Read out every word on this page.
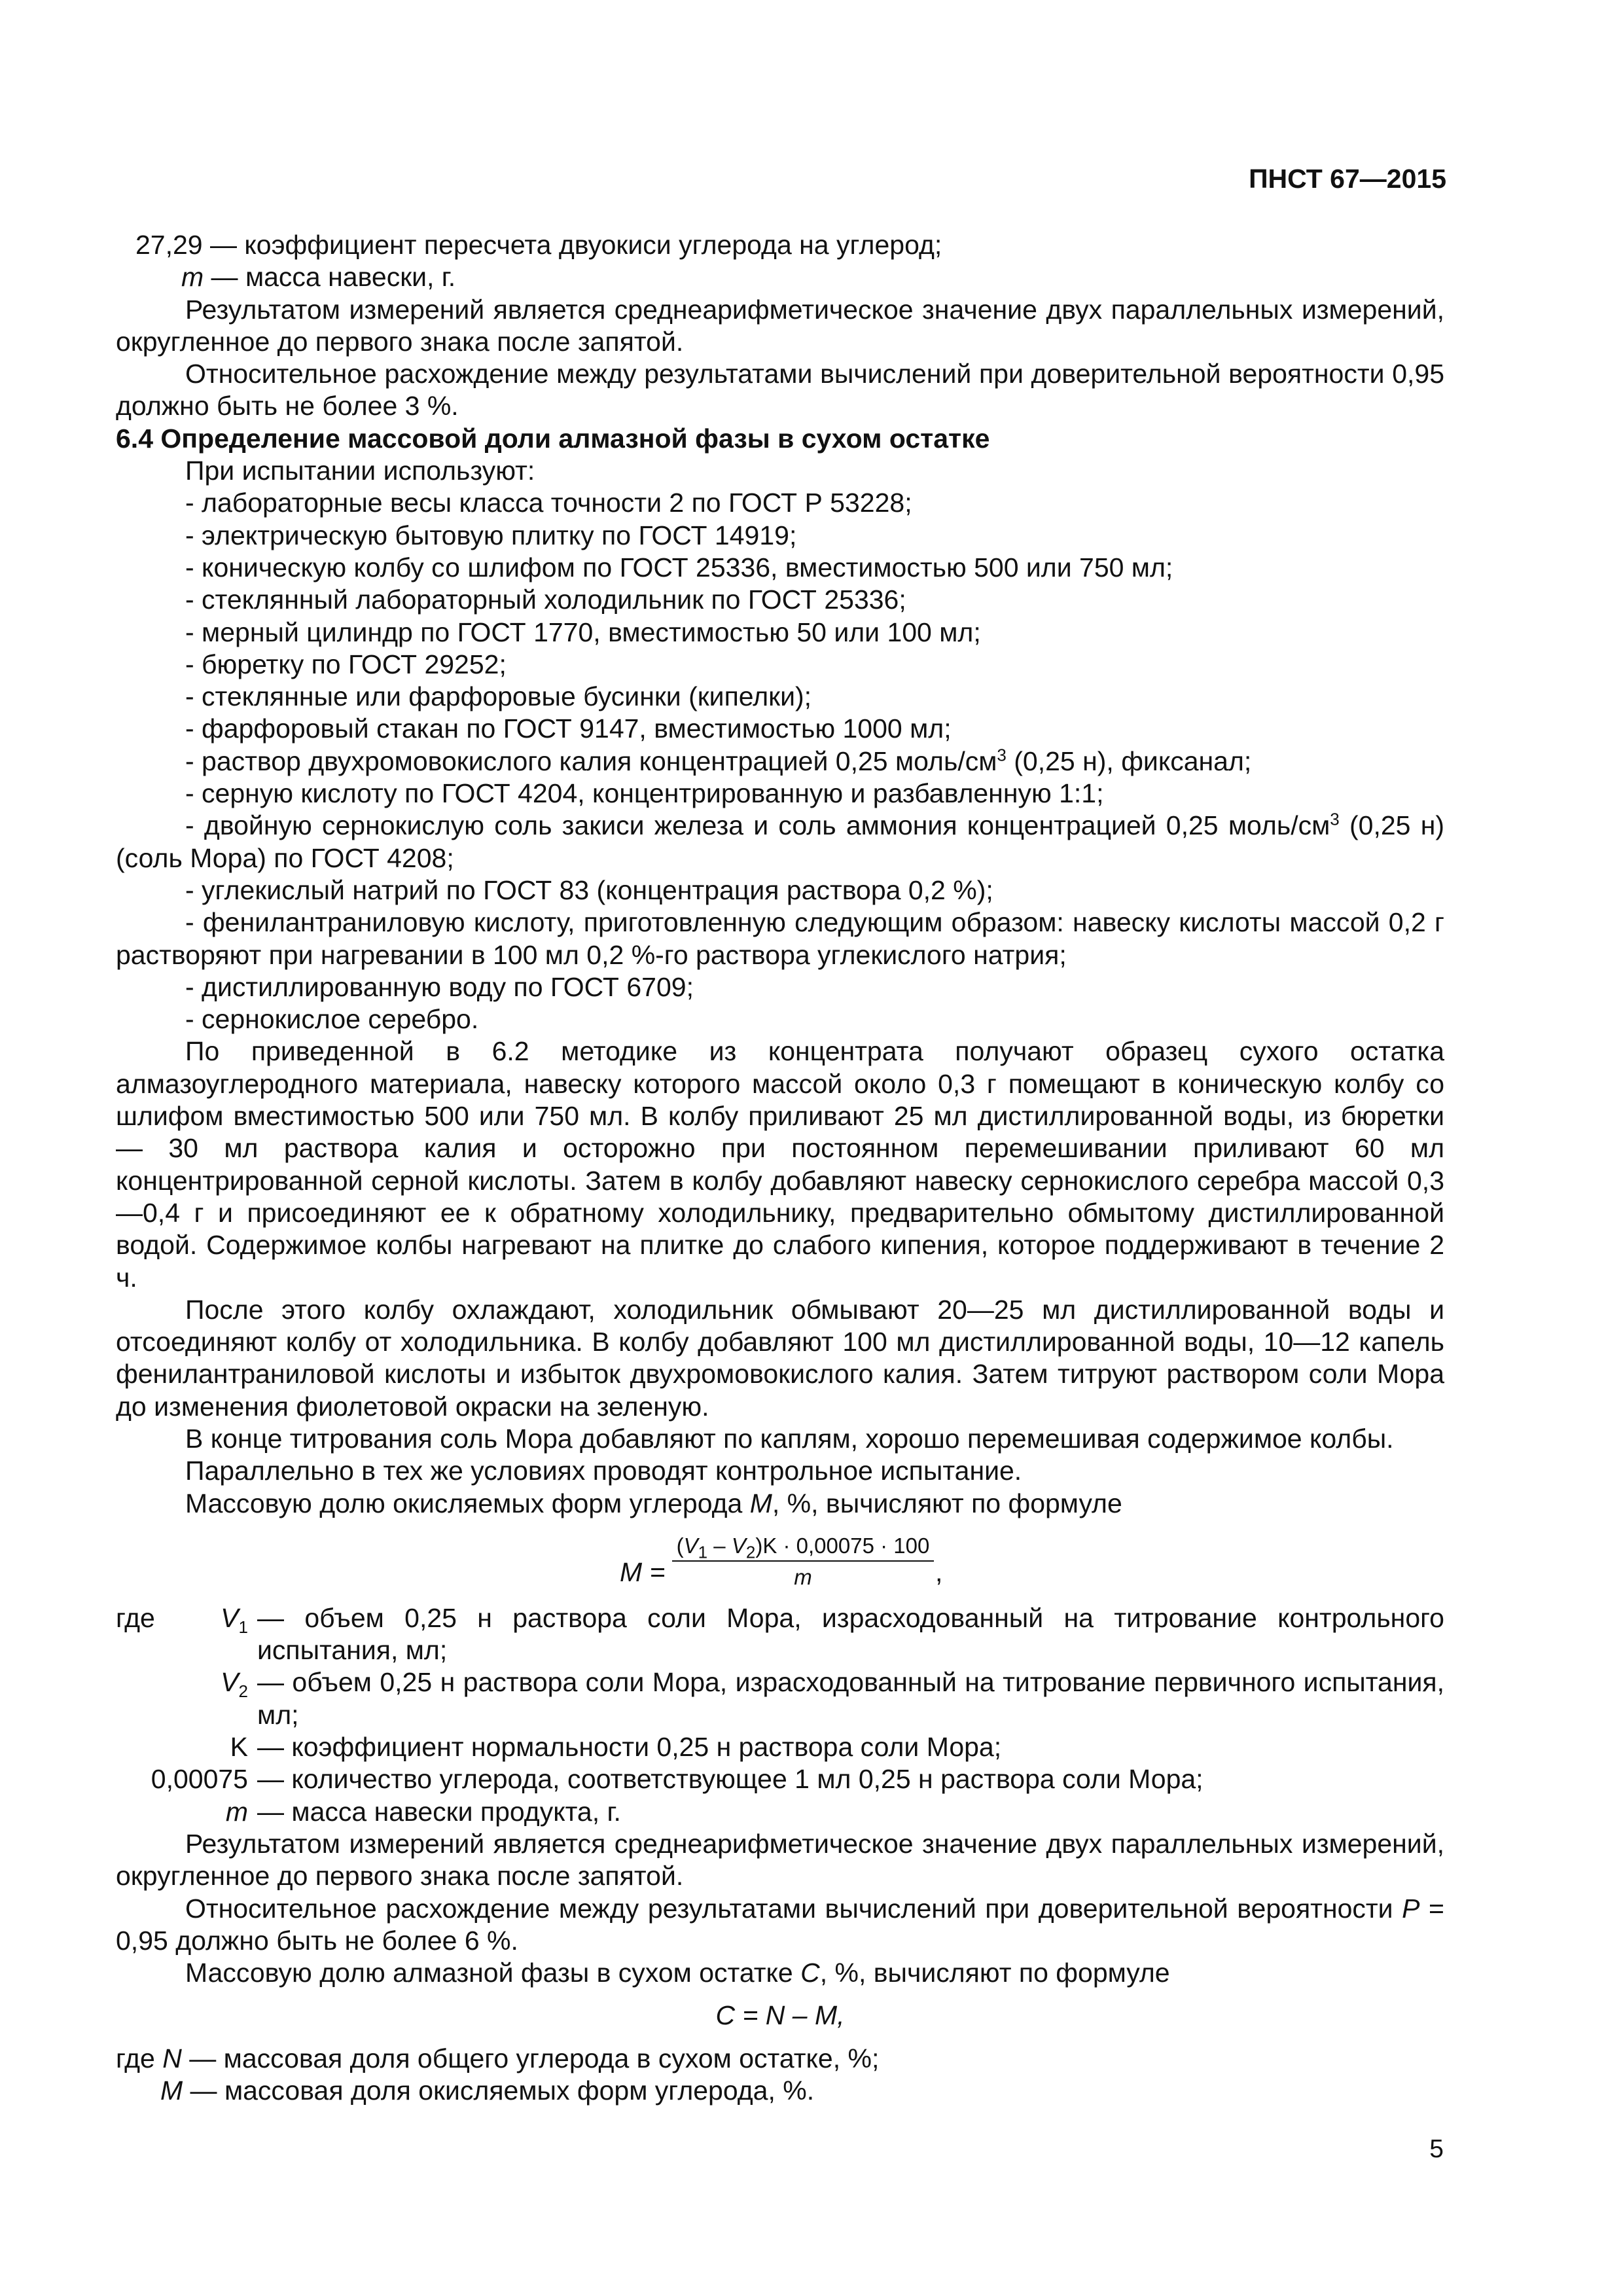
ПНСТ 67—2015

27,29 — коэффициент пересчета двуокиси углерода на углерод;

m — масса навески, г.

Результатом измерений является среднеарифметическое значение двух параллельных измерений, округленное до первого знака после запятой.

Относительное расхождение между результатами вычислений при доверительной вероятности 0,95 должно быть не более 3 %.

6.4 Определение массовой доли алмазной фазы в сухом остатке

При испытании используют:

- лабораторные весы класса точности 2 по ГОСТ Р 53228;

- электрическую бытовую плитку по ГОСТ 14919;

- коническую колбу со шлифом по ГОСТ 25336, вместимостью 500 или 750 мл;

- стеклянный лабораторный холодильник по ГОСТ 25336;

- мерный цилиндр по ГОСТ 1770, вместимостью 50 или 100 мл;

- бюретку по ГОСТ 29252;

- стеклянные или фарфоровые бусинки (кипелки);

- фарфоровый стакан по ГОСТ 9147, вместимостью 1000 мл;

- раствор двухромовокислого калия концентрацией 0,25 моль/$см^3$ (0,25 н), фиксанал;

- серную кислоту по ГОСТ 4204, концентрированную и разбавленную 1:1;

- двойную сернокислую соль закиси железа и соль аммония концентрацией 0,25 моль/$см^3$ (0,25 н) (соль Мора) по ГОСТ 4208;

- углекислый натрий по ГОСТ 83 (концентрация раствора 0,2 %);

- фенилантраниловую кислоту, приготовленную следующим образом: навеску кислоты массой 0,2 г растворяют при нагревании в 100 мл 0,2 %-го раствора углекислого натрия;

- дистиллированную воду по ГОСТ 6709;

- сернокислое серебро.

По приведенной в 6.2 методике из концентрата получают образец сухого остатка алмазоуглеродного материала, навеску которого массой около 0,3 г помещают в коническую колбу со шлифом вместимостью 500 или 750 мл. В колбу приливают 25 мл дистиллированной воды, из бюретки — 30 мл раствора калия и осторожно при постоянном перемешивании приливают 60 мл концентрированной серной кислоты. Затем в колбу добавляют навеску сернокислого серебра массой 0,3—0,4 г и присоединяют ее к обратному холодильнику, предварительно обмытому дистиллированной водой. Содержимое колбы нагревают на плитке до слабого кипения, которое поддерживают в течение 2 ч.

После этого колбу охлаждают, холодильник обмывают 20—25 мл дистиллированной воды и отсоединяют колбу от холодильника. В колбу добавляют 100 мл дистиллированной воды, 10—12 капель фенилантраниловой кислоты и избыток двухромовокислого калия. Затем титруют раствором соли Мора до изменения фиолетовой окраски на зеленую.

В конце титрования соль Мора добавляют по каплям, хорошо перемешивая содержимое колбы.

Параллельно в тех же условиях проводят контрольное испытание.

Массовую долю окисляемых форм углерода M, %, вычисляют по формуле

$M = \frac{(V_1 - V_2)K \cdot 0,00075 \cdot 100}{m}$ ,
где	$V_1$ — объем 0,25 н раствора соли Мора, израсходованный на титрование контрольного испытания, мл;
$V_2$ — объем 0,25 н раствора соли Мора, израсходованный на титрование первичного испытания, мл;
K — коэффициент нормальности 0,25 н раствора соли Мора;
0,00075 — количество углерода, соответствующее 1 мл 0,25 н раствора соли Мора;
m — масса навески продукта, г.

Результатом измерений является среднеарифметическое значение двух параллельных измерений, округленное до первого знака после запятой.

Относительное расхождение между результатами вычислений при доверительной вероятности P = 0,95 должно быть не более 6 %.

Массовую долю алмазной фазы в сухом остатке C, %, вычисляют по формуле

C = N – M,

где N — массовая доля общего углерода в сухом остатке, %;

M — массовая доля окисляемых форм углерода, %.

5
